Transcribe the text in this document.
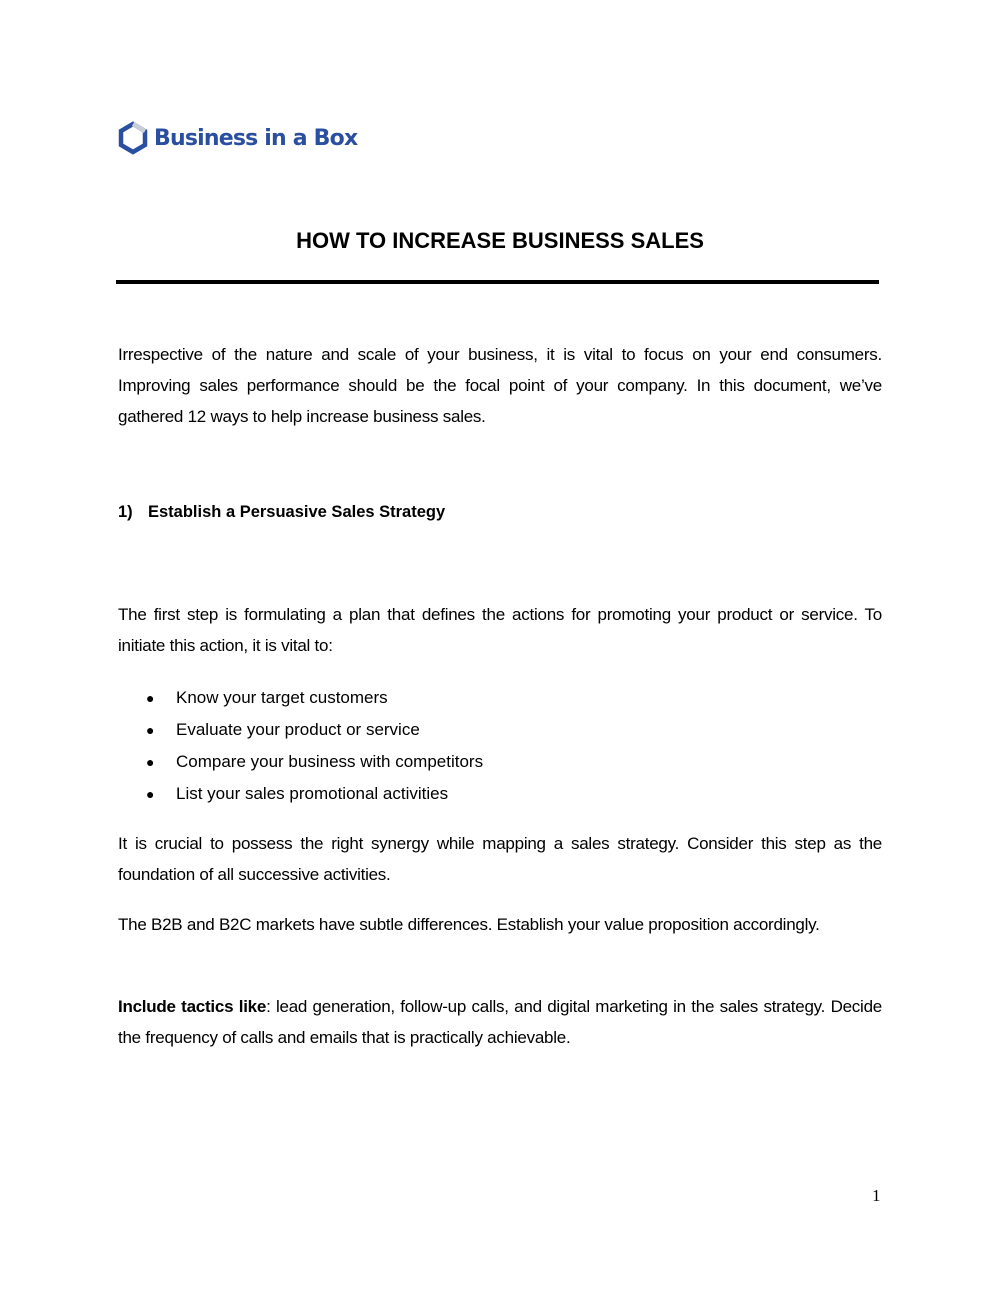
Business in a Box
HOW TO INCREASE BUSINESS SALES

Irrespective of the nature and scale of your business, it is vital to focus on your end consumers. Improving sales performance should be the focal point of your company. In this document, we’ve gathered 12 ways to help increase business sales.

1) Establish a Persuasive Sales Strategy

The first step is formulating a plan that defines the actions for promoting your product or service. To initiate this action, it is vital to:

●	Know your target customers
●	Evaluate your product or service
●	Compare your business with competitors
●	List your sales promotional activities

It is crucial to possess the right synergy while mapping a sales strategy. Consider this step as the foundation of all successive activities.

The B2B and B2C markets have subtle differences. Establish your value proposition accordingly.

Include tactics like: lead generation, follow-up calls, and digital marketing in the sales strategy. Decide the frequency of calls and emails that is practically achievable.

1
